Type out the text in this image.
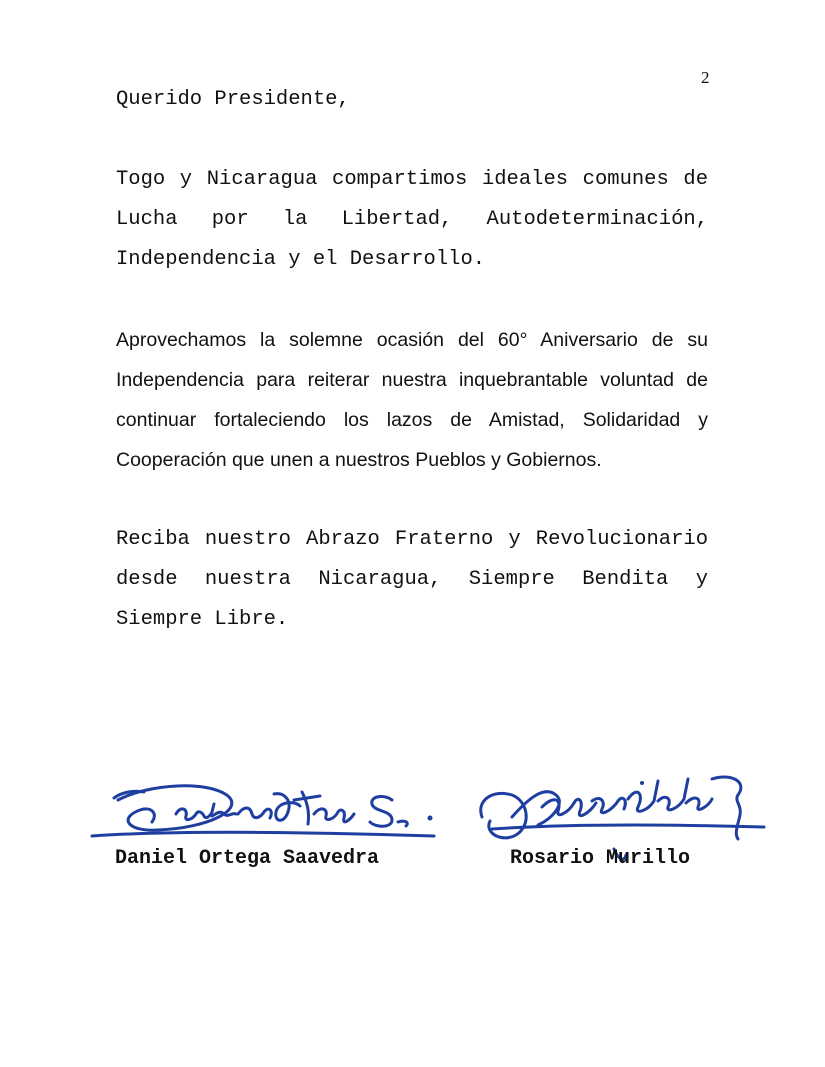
2

Querido Presidente,

Togo y Nicaragua compartimos ideales comunes de Lucha por la Libertad, Autodeterminación, Independencia y el Desarrollo.

Aprovechamos la solemne ocasión del 60° Aniversario de su Independencia para reiterar nuestra inquebrantable voluntad de continuar fortaleciendo los lazos de Amistad, Solidaridad y Cooperación que unen a nuestros Pueblos y Gobiernos.

Reciba nuestro Abrazo Fraterno y Revolucionario desde nuestra Nicaragua, Siempre Bendita y Siempre Libre.

Daniel Ortega Saavedra	Rosario Murillo
